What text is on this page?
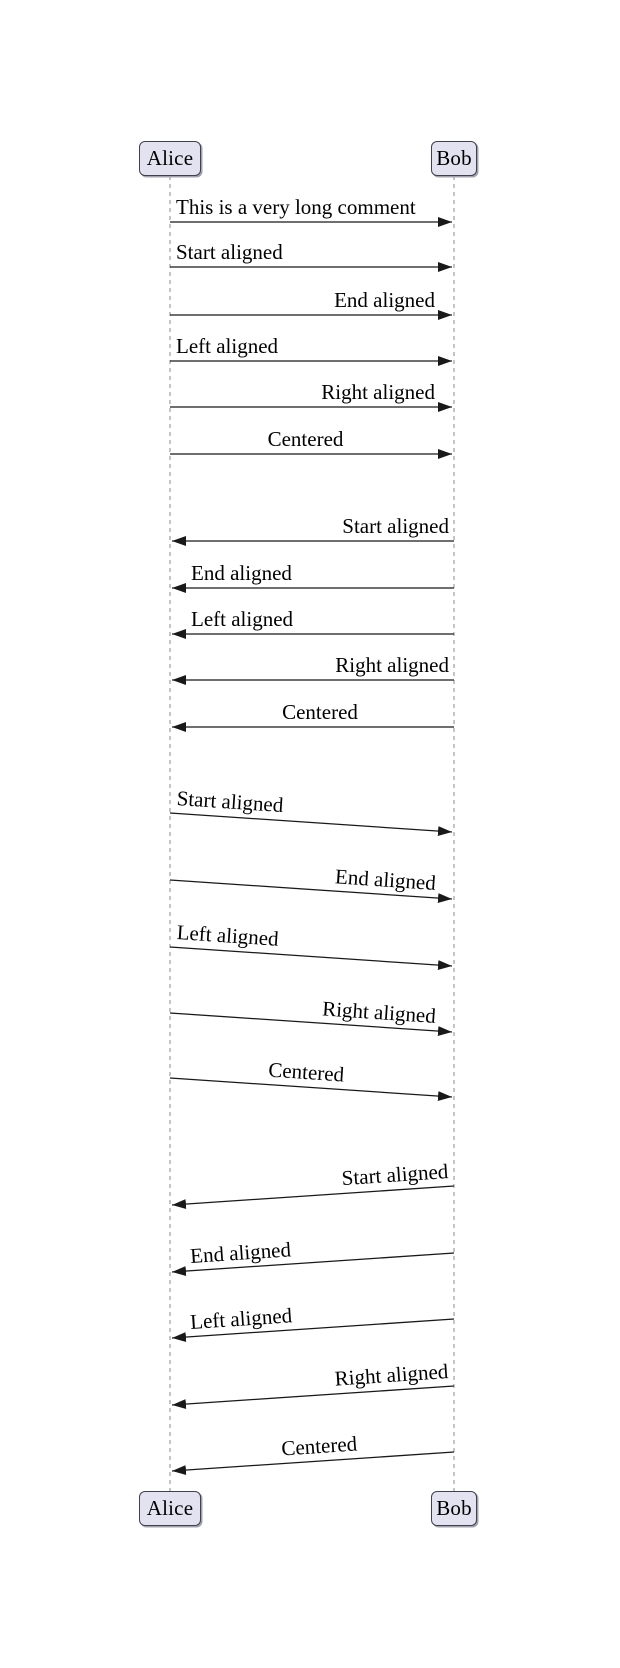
Alice
Alice
Bob
Bob
This is a very long comment
Start aligned
End aligned
Left aligned
Right aligned
Centered
Start aligned
End aligned
Left aligned
Right aligned
Centered
Start aligned
End aligned
Left aligned
Right aligned
Centered
Start aligned
End aligned
Left aligned
Right aligned
Centered
